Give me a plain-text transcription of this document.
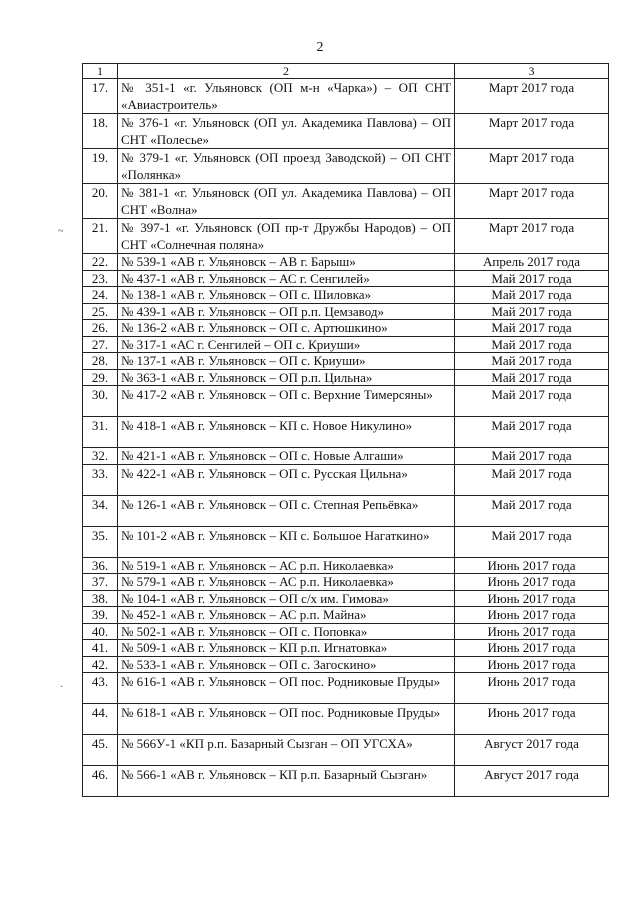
2
~
·
1	2	3
17.	№ 351-1 «г. Ульяновск (ОП м-н «Чарка») – ОП СНТ «Авиастроитель»	Март 2017 года
18.	№ 376-1 «г. Ульяновск (ОП ул. Академика Павлова) – ОП СНТ «Полесье»	Март 2017 года
19.	№ 379-1 «г. Ульяновск (ОП проезд Заводской) – ОП СНТ «Полянка»	Март 2017 года
20.	№ 381-1 «г. Ульяновск (ОП ул. Академика Павлова) – ОП СНТ «Волна»	Март 2017 года
21.	№ 397-1 «г. Ульяновск (ОП пр-т Дружбы Народов) – ОП СНТ «Солнечная поляна»	Март 2017 года
22.	№ 539-1 «АВ г. Ульяновск – АВ г. Барыш»	Апрель 2017 года
23.	№ 437-1 «АВ г. Ульяновск – АС г. Сенгилей»	Май 2017 года
24.	№ 138-1 «АВ г. Ульяновск – ОП с. Шиловка»	Май 2017 года
25.	№ 439-1 «АВ г. Ульяновск – ОП р.п. Цемзавод»	Май 2017 года
26.	№ 136-2 «АВ г. Ульяновск – ОП с. Артюшкино»	Май 2017 года
27.	№ 317-1 «АС г. Сенгилей – ОП с. Криуши»	Май 2017 года
28.	№ 137-1 «АВ г. Ульяновск – ОП с. Криуши»	Май 2017 года
29.	№ 363-1 «АВ г. Ульяновск – ОП р.п. Цильна»	Май 2017 года
30.	№ 417-2 «АВ г. Ульяновск – ОП с. Верхние Тимерсяны»	Май 2017 года
31.	№ 418-1 «АВ г. Ульяновск – КП с. Новое Никулино»	Май 2017 года
32.	№ 421-1 «АВ г. Ульяновск – ОП с. Новые Алгаши»	Май 2017 года
33.	№ 422-1 «АВ г. Ульяновск – ОП с. Русская Цильна»	Май 2017 года
34.	№ 126-1 «АВ г. Ульяновск – ОП с. Степная Репьёвка»	Май 2017 года
35.	№ 101-2 «АВ г. Ульяновск – КП с. Большое Нагаткино»	Май 2017 года
36.	№ 519-1 «АВ г. Ульяновск – АС р.п. Николаевка»	Июнь 2017 года
37.	№ 579-1 «АВ г. Ульяновск – АС р.п. Николаевка»	Июнь 2017 года
38.	№ 104-1 «АВ г. Ульяновск – ОП с/х им. Гимова»	Июнь 2017 года
39.	№ 452-1 «АВ г. Ульяновск – АС р.п. Майна»	Июнь 2017 года
40.	№ 502-1 «АВ г. Ульяновск – ОП с. Поповка»	Июнь 2017 года
41.	№ 509-1 «АВ г. Ульяновск – КП р.п. Игнатовка»	Июнь 2017 года
42.	№ 533-1 «АВ г. Ульяновск – ОП с. Загоскино»	Июнь 2017 года
43.	№ 616-1 «АВ г. Ульяновск – ОП пос. Родниковые Пруды»	Июнь 2017 года
44.	№ 618-1 «АВ г. Ульяновск – ОП пос. Родниковые Пруды»	Июнь 2017 года
45.	№ 566У-1 «КП р.п. Базарный Сызган – ОП УГСХА»	Август 2017 года
46.	№ 566-1 «АВ г. Ульяновск – КП р.п. Базарный Сызган»	Август 2017 года
